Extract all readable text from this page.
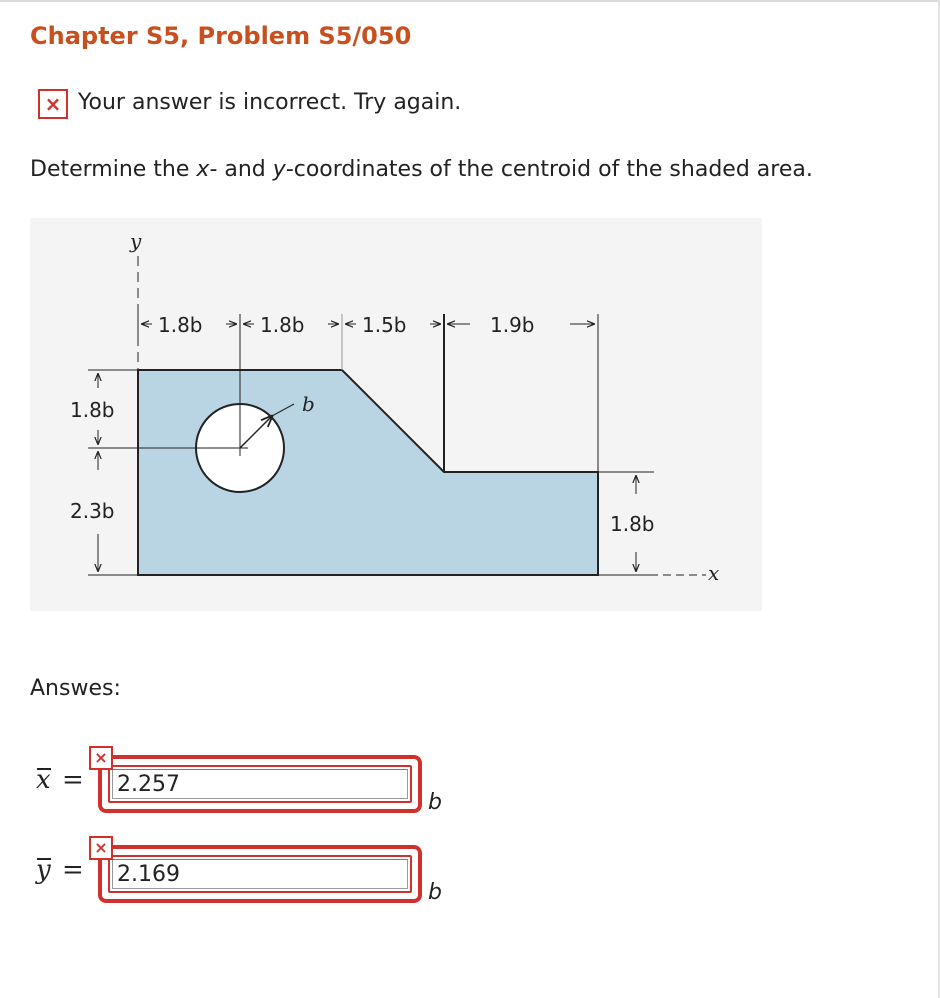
Chapter S5, Problem S5/050
× Your answer is incorrect. Try again.
Determine the x- and y-coordinates of the centroid of the shaded area.
b
y
x
1.8b	1.8b	1.5b	1.9b
1.8b
2.3b
1.8b
Answes:
x =
2.257
×
b
y =
2.169
×
b
